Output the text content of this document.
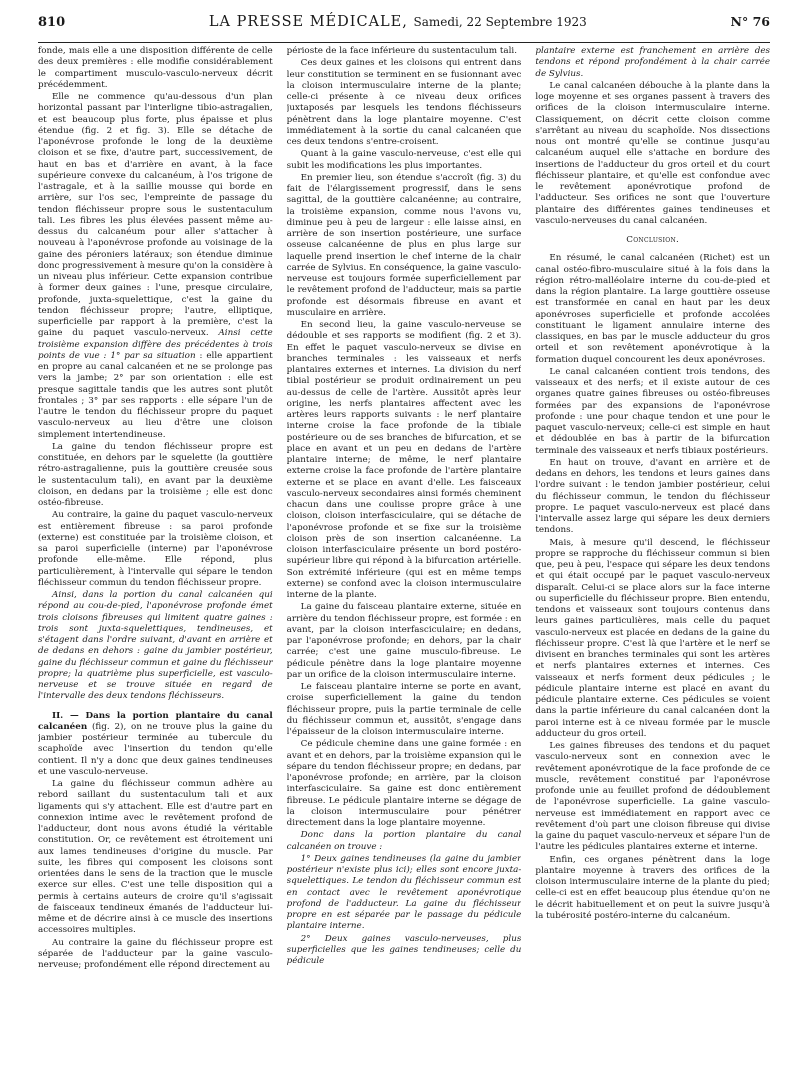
810	LA PRESSE MÉDICALE, Samedi, 22 Septembre 1923	N° 76

fonde, mais elle a une disposition différente de celle des deux premières : elle modifie considérablement le compartiment musculo-vasculo-nerveux décrit précédemment.

Elle ne commence qu'au-dessous d'un plan horizontal passant par l'interligne tibio-astragalien, et est beaucoup plus forte, plus épaisse et plus étendue (fig. 2 et fig. 3). Elle se détache de l'aponévrose profonde le long de la deuxième cloison et se fixe, d'autre part, successivement, de haut en bas et d'arrière en avant, à la face supérieure convexe du calcanéum, à l'os trigone de l'astragale, et à la saillie mousse qui borde en arrière, sur l'os sec, l'empreinte de passage du tendon fléchisseur propre sous le sustentaculum tali. Les fibres les plus élevées passent même au-dessus du calcanéum pour aller s'attacher à nouveau à l'aponévrose profonde au voisinage de la gaine des péroniers latéraux; son étendue diminue donc progressivement à mesure qu'on la considère à un niveau plus inférieur. Cette expansion contribue à former deux gaines : l'une, presque circulaire, profonde, juxta-squelettique, c'est la gaine du tendon fléchisseur propre; l'autre, elliptique, superficielle par rapport à la première, c'est la gaine du paquet vasculo-nerveux. Ainsi cette troisième expansion diffère des précédentes à trois points de vue : 1° par sa situation : elle appartient en propre au canal calcanéen et ne se prolonge pas vers la jambe; 2° par son orientation : elle est presque sagittale tandis que les autres sont plutôt frontales ; 3° par ses rapports : elle sépare l'un de l'autre le tendon du fléchisseur propre du paquet vasculo-nerveux au lieu d'être une cloison simplement intertendineuse.

La gaine du tendon fléchisseur propre est constituée, en dehors par le squelette (la gouttière rétro-astragalienne, puis la gouttière creusée sous le sustentaculum tali), en avant par la deuxième cloison, en dedans par la troisième ; elle est donc ostéo-fibreuse.

Au contraire, la gaine du paquet vasculo-nerveux est entièrement fibreuse : sa paroi profonde (externe) est constituée par la troisième cloison, et sa paroi superficielle (interne) par l'aponévrose profonde elle-même. Elle répond, plus particulièrement, à l'intervalle qui sépare le tendon fléchisseur commun du tendon fléchisseur propre.

Ainsi, dans la portion du canal calcanéen qui répond au cou-de-pied, l'aponévrose profonde émet trois cloisons fibreuses qui limitent quatre gaines : trois sont juxta-squelettiques, tendineuses, et s'étagent dans l'ordre suivant, d'avant en arrière et de dedans en dehors : gaine du jambier postérieur, gaine du fléchisseur commun et gaine du fléchisseur propre; la quatrième plus superficielle, est vasculo-nerveuse et se trouve située en regard de l'intervalle des deux tendons fléchisseurs.

II. — Dans la portion plantaire du canal calcanéen (fig. 2), on ne trouve plus la gaine du jambier postérieur terminée au tubercule du scaphoïde avec l'insertion du tendon qu'elle contient. Il n'y a donc que deux gaines tendineuses et une vasculo-nerveuse.

La gaine du fléchisseur commun adhère au rebord saillant du sustentaculum tali et aux ligaments qui s'y attachent. Elle est d'autre part en connexion intime avec le revêtement profond de l'adducteur, dont nous avons étudié la véritable constitution. Or, ce revêtement est étroitement uni aux lames tendineuses d'origine du muscle. Par suite, les fibres qui composent les cloisons sont orientées dans le sens de la traction que le muscle exerce sur elles. C'est une telle disposition qui a permis à certains auteurs de croire qu'il s'agissait de faisceaux tendineux émanés de l'adducteur lui-même et de décrire ainsi à ce muscle des insertions accessoires multiples.

Au contraire la gaine du fléchisseur propre est séparée de l'adducteur par la gaine vasculo-nerveuse; profondément elle répond directement au

périoste de la face inférieure du sustentaculum tali.

Ces deux gaines et les cloisons qui entrent dans leur constitution se terminent en se fusionnant avec la cloison intermusculaire interne de la plante; celle-ci présente à ce niveau deux orifices juxtaposés par lesquels les tendons fléchisseurs pénètrent dans la loge plantaire moyenne. C'est immédiatement à la sortie du canal calcanéen que ces deux tendons s'entre-croisent.

Quant à la gaine vasculo-nerveuse, c'est elle qui subit les modifications les plus importantes.

En premier lieu, son étendue s'accroît (fig. 3) du fait de l'élargissement progressif, dans le sens sagittal, de la gouttière calcanéenne; au contraire, la troisième expansion, comme nous l'avons vu, diminue peu à peu de largeur : elle laisse ainsi, en arrière de son insertion postérieure, une surface osseuse calcanéenne de plus en plus large sur laquelle prend insertion le chef interne de la chair carrée de Sylvius. En conséquence, la gaine vasculo-nerveuse est toujours formée superficiellement par le revêtement profond de l'adducteur, mais sa partie profonde est désormais fibreuse en avant et musculaire en arrière.

En second lieu, la gaine vasculo-nerveuse se dédouble et ses rapports se modifient (fig. 2 et 3). En effet le paquet vasculo-nerveux se divise en branches terminales : les vaisseaux et nerfs plantaires externes et internes. La division du nerf tibial postérieur se produit ordinairement un peu au-dessus de celle de l'artère. Aussitôt après leur origine, les nerfs plantaires affectent avec les artères leurs rapports suivants : le nerf plantaire interne croise la face profonde de la tibiale postérieure ou de ses branches de bifurcation, et se place en avant et un peu en dedans de l'artère plantaire interne; de même, le nerf plantaire externe croise la face profonde de l'artère plantaire externe et se place en avant d'elle. Les faisceaux vasculo-nerveux secondaires ainsi formés cheminent chacun dans une coulisse propre grâce à une cloison, cloison interfasciculaire, qui se détache de l'aponévrose profonde et se fixe sur la troisième cloison près de son insertion calcanéenne. La cloison interfasciculaire présente un bord postéro-supérieur libre qui répond à la bifurcation artérielle. Son extrémité inférieure (qui est en même temps externe) se confond avec la cloison intermusculaire interne de la plante.

La gaine du faisceau plantaire externe, située en arrière du tendon fléchisseur propre, est formée : en avant, par la cloison interfasciculaire; en dedans, par l'aponévrose profonde; en dehors, par la chair carrée; c'est une gaine musculo-fibreuse. Le pédicule pénètre dans la loge plantaire moyenne par un orifice de la cloison intermusculaire interne.

Le faisceau plantaire interne se porte en avant, croise superficiellement la gaine du tendon fléchisseur propre, puis la partie terminale de celle du fléchisseur commun et, aussitôt, s'engage dans l'épaisseur de la cloison intermusculaire interne.

Ce pédicule chemine dans une gaine formée : en avant et en dehors, par la troisième expansion qui le sépare du tendon fléchisseur propre; en dedans, par l'aponévrose profonde; en arrière, par la cloison interfasciculaire. Sa gaine est donc entièrement fibreuse. Le pédicule plantaire interne se dégage de la cloison intermusculaire pour pénétrer directement dans la loge plantaire moyenne.

Donc dans la portion plantaire du canal calcanéen on trouve :

1° Deux gaines tendineuses (la gaine du jambier postérieur n'existe plus ici); elles sont encore juxta-squelettiques. Le tendon du fléchisseur commun est en contact avec le revêtement aponévrotique profond de l'adducteur. La gaine du fléchisseur propre en est séparée par le passage du pédicule plantaire interne.

2° Deux gaines vasculo-nerveuses, plus superficielles que les gaines tendineuses; celle du pédicule

plantaire externe est franchement en arrière des tendons et répond profondément à la chair carrée de Sylvius.

Le canal calcanéen débouche à la plante dans la loge moyenne et ses organes passent à travers des orifices de la cloison intermusculaire interne. Classiquement, on décrit cette cloison comme s'arrêtant au niveau du scaphoïde. Nos dissections nous ont montré qu'elle se continue jusqu'au calcanéum auquel elle s'attache en bordure des insertions de l'adducteur du gros orteil et du court fléchisseur plantaire, et qu'elle est confondue avec le revêtement aponévrotique profond de l'adducteur. Ses orifices ne sont que l'ouverture plantaire des différentes gaines tendineuses et vasculo-nerveuses du canal calcanéen.

Conclusion.

En résumé, le canal calcanéen (Richet) est un canal ostéo-fibro-musculaire situé à la fois dans la région rétro-malléolaire interne du cou-de-pied et dans la région plantaire. La large gouttière osseuse est transformée en canal en haut par les deux aponévroses superficielle et profonde accolées constituant le ligament annulaire interne des classiques, en bas par le muscle adducteur du gros orteil et son revêtement aponévrotique à la formation duquel concourent les deux aponévroses.

Le canal calcanéen contient trois tendons, des vaisseaux et des nerfs; et il existe autour de ces organes quatre gaines fibreuses ou ostéo-fibreuses formées par des expansions de l'aponévrose profonde : une pour chaque tendon et une pour le paquet vasculo-nerveux; celle-ci est simple en haut et dédoublée en bas à partir de la bifurcation terminale des vaisseaux et nerfs tibiaux postérieurs.

En haut on trouve, d'avant en arrière et de dedans en dehors, les tendons et leurs gaines dans l'ordre suivant : le tendon jambier postérieur, celui du fléchisseur commun, le tendon du fléchisseur propre. Le paquet vasculo-nerveux est placé dans l'intervalle assez large qui sépare les deux derniers tendons.

Mais, à mesure qu'il descend, le fléchisseur propre se rapproche du fléchisseur commun si bien que, peu à peu, l'espace qui sépare les deux tendons et qui était occupé par le paquet vasculo-nerveux disparaît. Celui-ci se place alors sur la face interne ou superficielle du fléchisseur propre. Bien entendu, tendons et vaisseaux sont toujours contenus dans leurs gaines particulières, mais celle du paquet vasculo-nerveux est placée en dedans de la gaine du fléchisseur propre. C'est là que l'artère et le nerf se divisent en branches terminales qui sont les artères et nerfs plantaires externes et internes. Ces vaisseaux et nerfs forment deux pédicules ; le pédicule plantaire interne est placé en avant du pédicule plantaire externe. Ces pédicules se voient dans la partie inférieure du canal calcanéen dont la paroi interne est à ce niveau formée par le muscle adducteur du gros orteil.

Les gaines fibreuses des tendons et du paquet vasculo-nerveux sont en connexion avec le revêtement aponévrotique de la face profonde de ce muscle, revêtement constitué par l'aponévrose profonde unie au feuillet profond de dédoublement de l'aponévrose superficielle. La gaine vasculo-nerveuse est immédiatement en rapport avec ce revêtement d'où part une cloison fibreuse qui divise la gaine du paquet vasculo-nerveux et sépare l'un de l'autre les pédicules plantaires externe et interne.

Enfin, ces organes pénètrent dans la loge plantaire moyenne à travers des orifices de la cloison intermusculaire interne de la plante du pied; celle-ci est en effet beaucoup plus étendue qu'on ne le décrit habituellement et on peut la suivre jusqu'à la tubérosité postéro-interne du calcanéum.
